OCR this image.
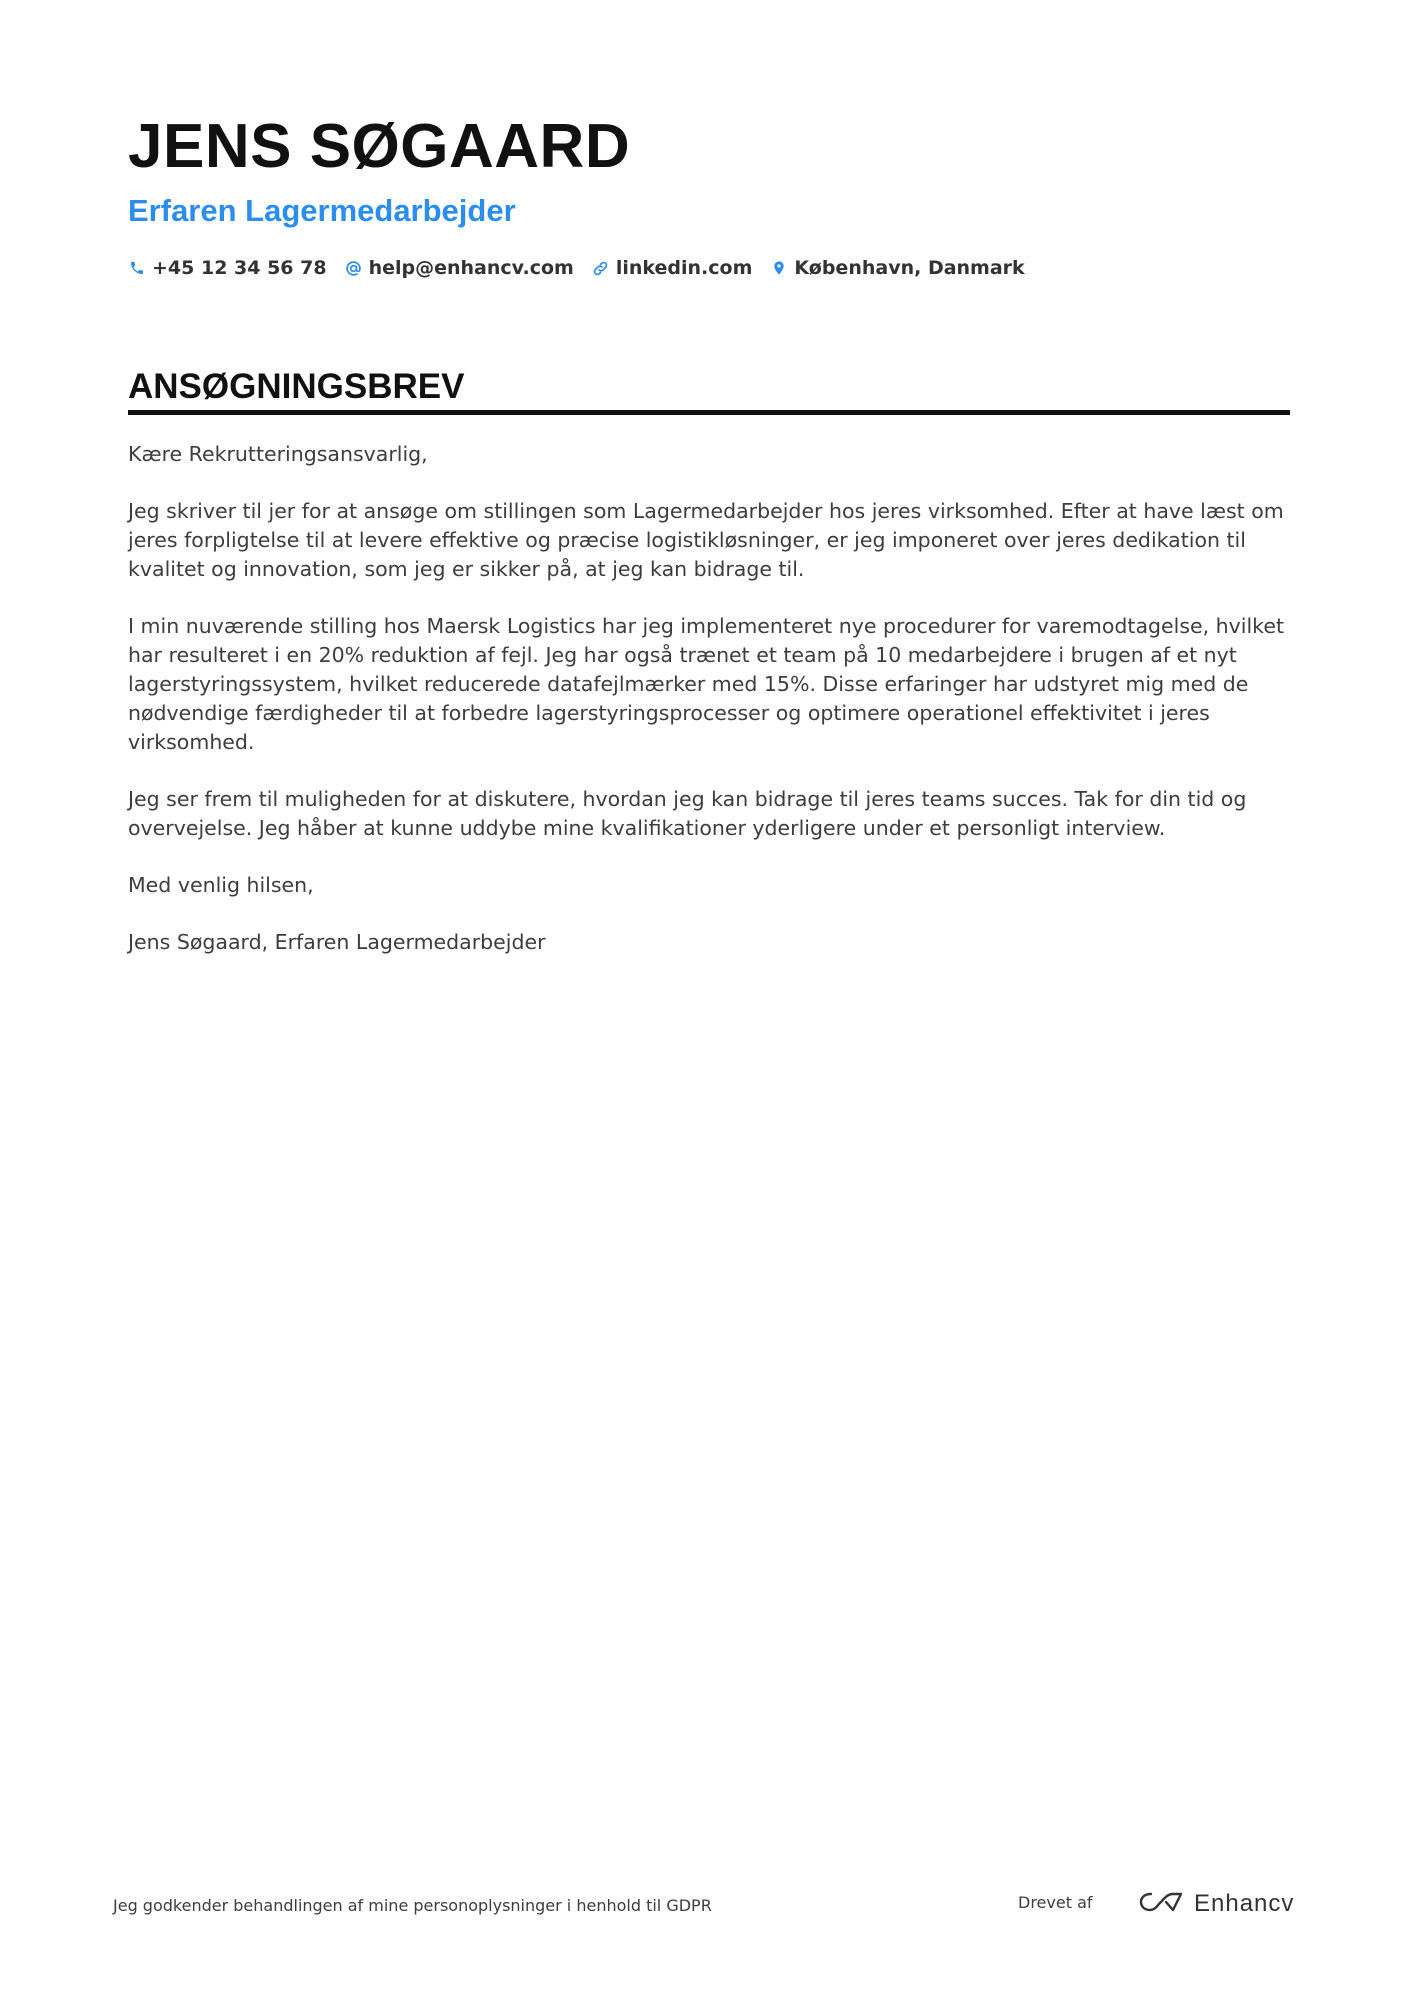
JENS SØGAARD
Erfaren Lagermedarbejder
+45 12 34 56 78 help@enhancv.com linkedin.com København, Danmark
ANSØGNINGSBREV

Kære Rekrutteringsansvarlig,

Jeg skriver til jer for at ansøge om stillingen som Lagermedarbejder hos jeres virksomhed. Efter at have læst om jeres forpligtelse til at levere effektive og præcise logistikløsninger, er jeg imponeret over jeres dedikation til kvalitet og innovation, som jeg er sikker på, at jeg kan bidrage til.

I min nuværende stilling hos Maersk Logistics har jeg implementeret nye procedurer for varemodtagelse, hvilket har resulteret i en 20% reduktion af fejl. Jeg har også trænet et team på 10 medarbejdere i brugen af et nyt lagerstyringssystem, hvilket reducerede datafejlmærker med 15%. Disse erfaringer har udstyret mig med de nødvendige færdigheder til at forbedre lagerstyringsprocesser og optimere operationel effektivitet i jeres virksomhed.

Jeg ser frem til muligheden for at diskutere, hvordan jeg kan bidrage til jeres teams succes. Tak for din tid og overvejelse. Jeg håber at kunne uddybe mine kvalifikationer yderligere under et personligt interview.

Med venlig hilsen,

Jens Søgaard, Erfaren Lagermedarbejder

Jeg godkender behandlingen af mine personoplysninger i henhold til GDPR	Drevet af	Enhancv
